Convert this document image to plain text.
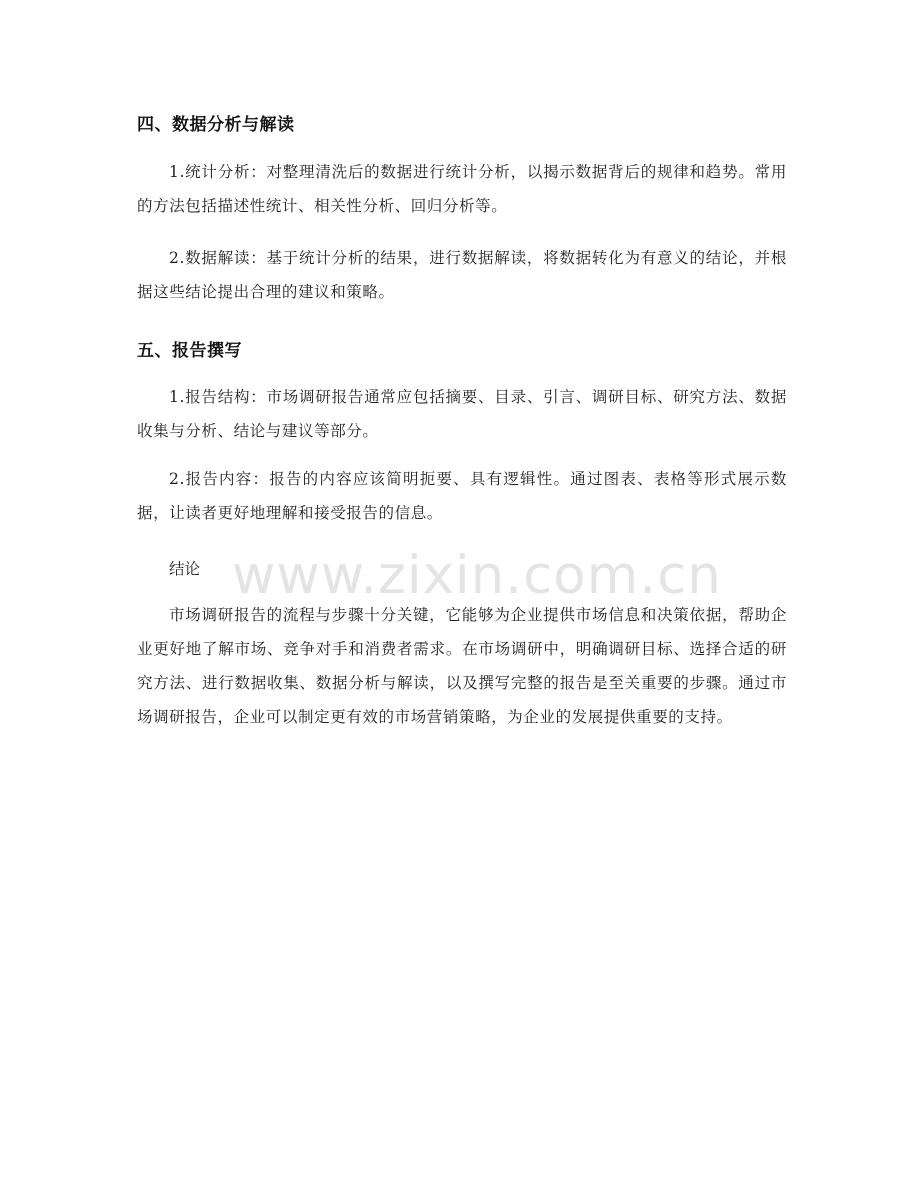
www.zixin.com.cn
四、数据分析与解读

1.统计分析：对整理清洗后的数据进行统计分析，以揭示数据背后的规律和趋势。常用的方法包括描述性统计、相关性分析、回归分析等。

2.数据解读：基于统计分析的结果，进行数据解读，将数据转化为有意义的结论，并根据这些结论提出合理的建议和策略。

五、报告撰写

1.报告结构：市场调研报告通常应包括摘要、目录、引言、调研目标、研究方法、数据收集与分析、结论与建议等部分。

2.报告内容：报告的内容应该简明扼要、具有逻辑性。通过图表、表格等形式展示数据，让读者更好地理解和接受报告的信息。

结论

市场调研报告的流程与步骤十分关键，它能够为企业提供市场信息和决策依据，帮助企业更好地了解市场、竞争对手和消费者需求。在市场调研中，明确调研目标、选择合适的研究方法、进行数据收集、数据分析与解读，以及撰写完整的报告是至关重要的步骤。通过市场调研报告，企业可以制定更有效的市场营销策略，为企业的发展提供重要的支持。
